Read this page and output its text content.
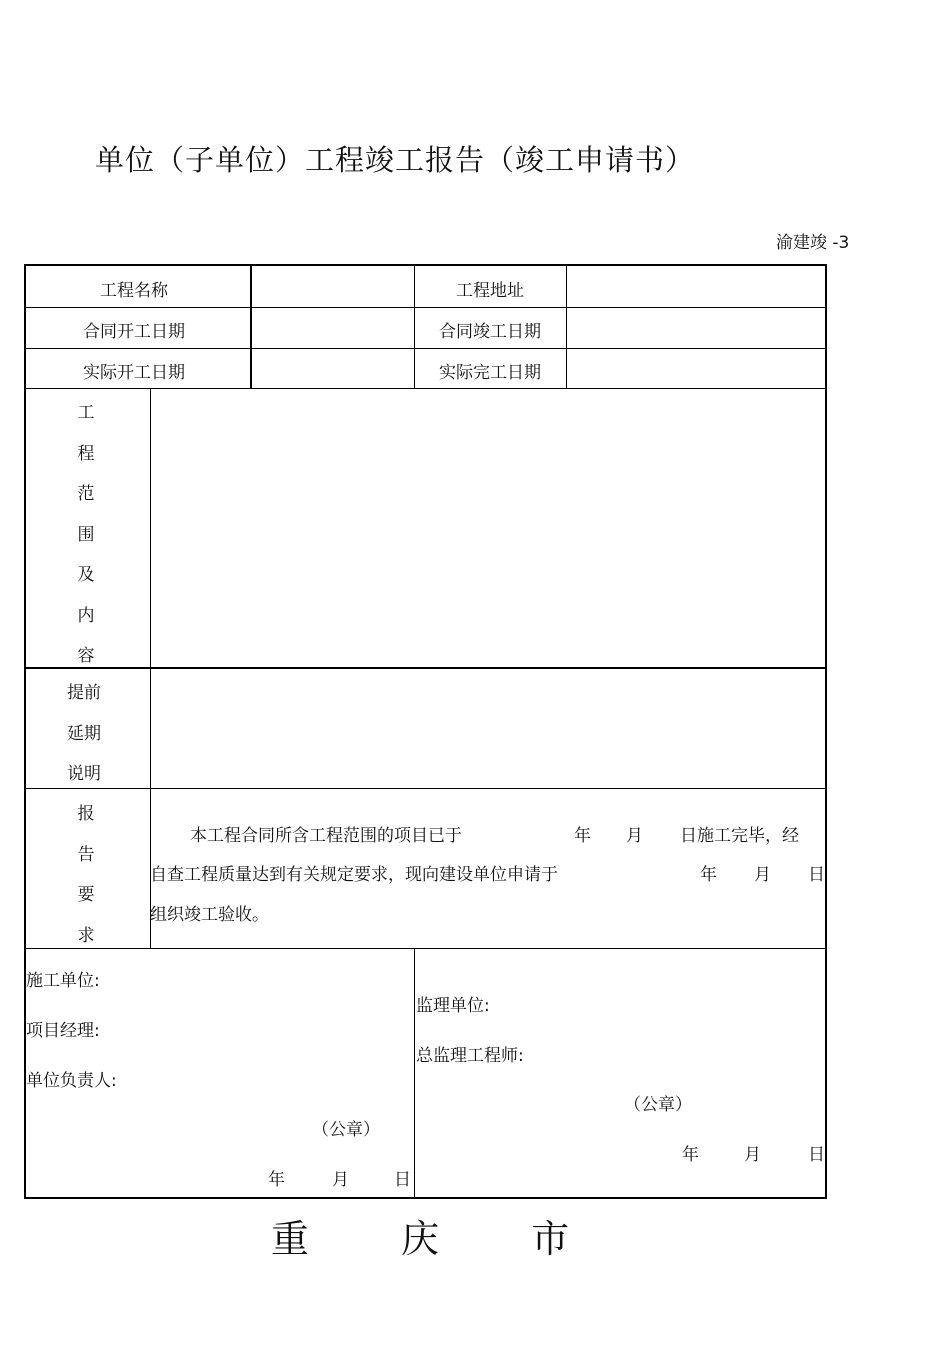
单位（子单位）工程竣工报告（竣工申请书）
渝建竣 -3
工程名称	工程地址
合同开工日期	合同竣工日期
实际开工日期	实际完工日期
工
程
范
围
及
内
容
提前
延期
说明
报
告
要
求
本工程合同所含工程范围的项目已于	年 月 日施工完毕，经
自查工程质量达到有关规定要求，现向建设单位申请于	年 月 日
组织竣工验收。
施工单位:
项目经理:
单位负责人:
（公章）
年	月	日
监理单位:
总监理工程师:
（公章）
年	月	日
重 庆 市
